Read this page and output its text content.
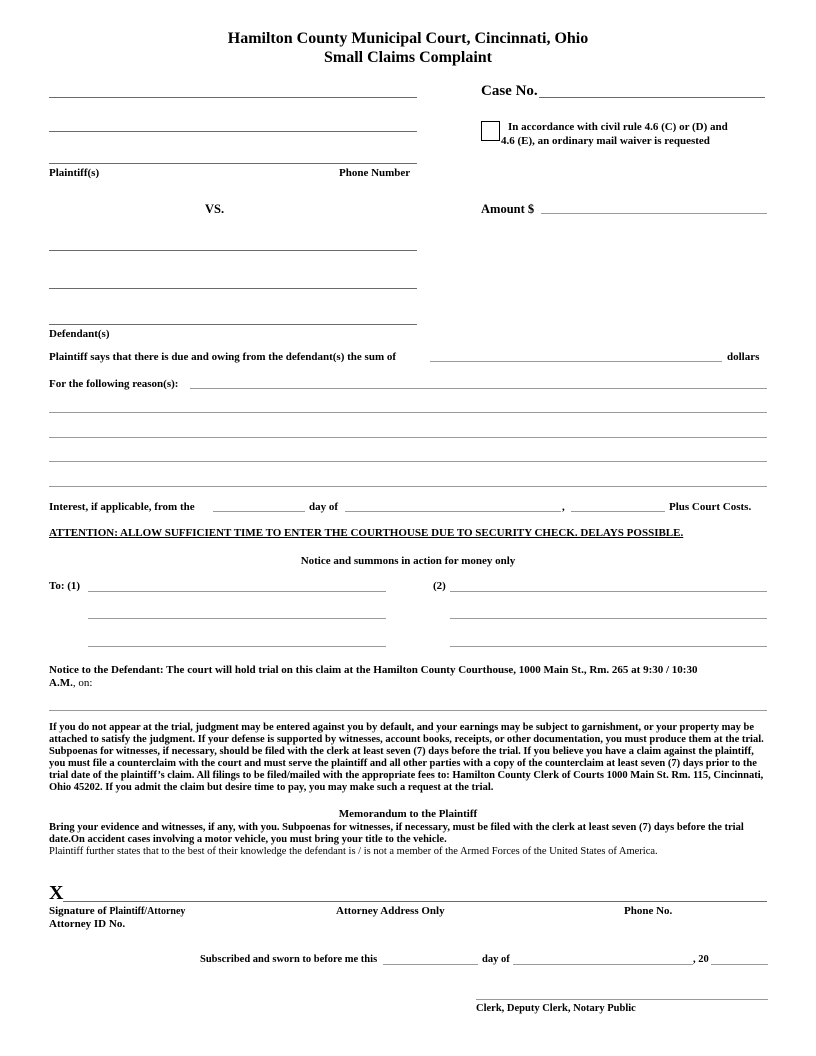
Hamilton County Municipal Court, Cincinnati, Ohio
Small Claims Complaint
Plaintiff(s)	Phone Number
Case No.
In accordance with civil rule 4.6 (C) or (D) and
4.6 (E), an ordinary mail waiver is requested
VS.	Amount $
Defendant(s)
Plaintiff says that there is due and owing from the defendant(s) the sum of	dollars
For the following reason(s):
Interest, if applicable, from the	day of	,	Plus Court Costs.
ATTENTION: ALLOW SUFFICIENT TIME TO ENTER THE COURTHOUSE DUE TO SECURITY CHECK. DELAYS POSSIBLE.
Notice and summons in action for money only
To: (1)	(2)
Notice to the Defendant: The court will hold trial on this claim at the Hamilton County Courthouse, 1000 Main St., Rm. 265 at 9:30 / 10:30
A.M., on:
If you do not appear at the trial, judgment may be entered against you by default, and your earnings may be subject to garnishment, or your property may be attached to satisfy the judgment. If your defense is supported by witnesses, account books, receipts, or other documentation, you must produce them at the trial. Subpoenas for witnesses, if necessary, should be filed with the clerk at least seven (7) days before the trial. If you believe you have a claim against the plaintiff, you must file a counterclaim with the court and must serve the plaintiff and all other parties with a copy of the counterclaim at least seven (7) days prior to the trial date of the plaintiff’s claim. All filings to be filed/mailed with the appropriate fees to: Hamilton County Clerk of Courts 1000 Main St. Rm. 115, Cincinnati, Ohio 45202. If you admit the claim but desire time to pay, you may make such a request at the trial.
Memorandum to the Plaintiff
Bring your evidence and witnesses, if any, with you. Subpoenas for witnesses, if necessary, must be filed with the clerk at least seven (7) days before the trial date.On accident cases involving a motor vehicle, you must bring your title to the vehicle.
Plaintiff further states that to the best of their knowledge the defendant is / is not a member of the Armed Forces of the United States of America.
X
Signature of Plaintiff/Attorney	Attorney Address Only	Phone No.
Attorney ID No.
Subscribed and sworn to before me this	day of	, 20
Clerk, Deputy Clerk, Notary Public
